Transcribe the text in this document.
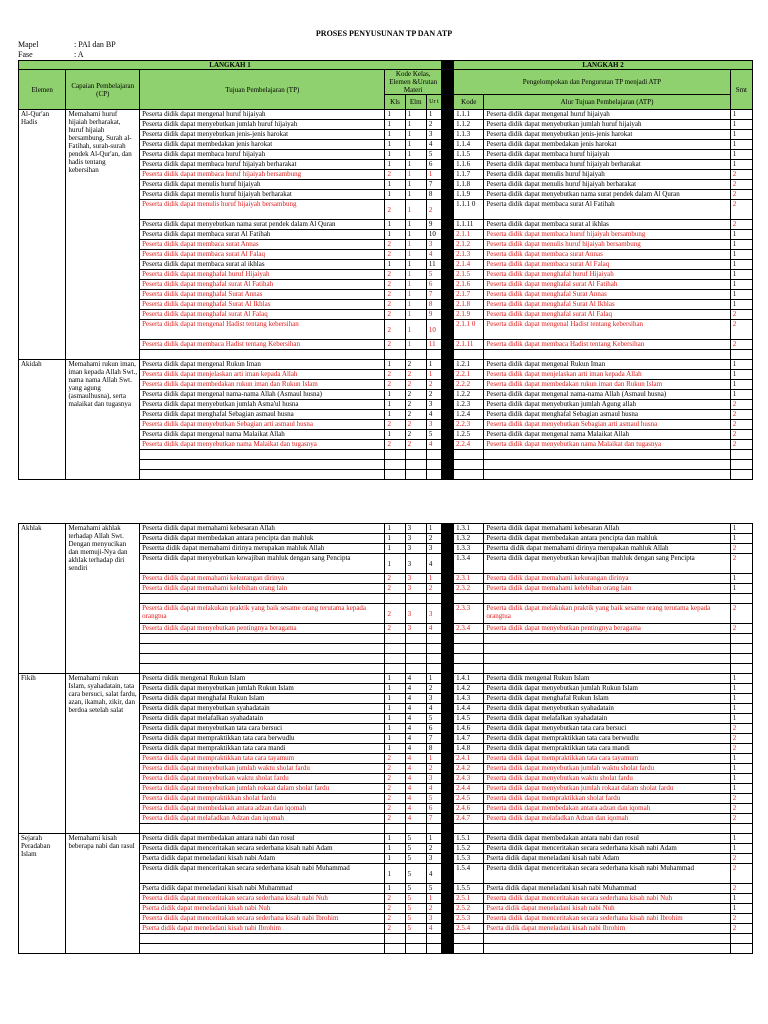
PROSES PENYUSUNAN TP DAN ATP
Mapel	: PAI dan BP
Fase	: A
LANGKAH 1							LANGKAH 2		
Elemen	Capaian Pembelajaran (CP)	Tujuan Pembelajaran (TP)	Kode Kelas, Elemen &Urutan Materi				Pengelompokan dan Pengurutan TP menjadi ATP		Smt
			Kls	Elm	Ur t		Kode	Alur Tujuan Pembelajaran (ATP)	
Al-Qur'an Hadis	Memahami huruf hijaiah berharakat, huruf hijaiah bersambung, Surah al-Fatihah, surah-surah pendek Al-Qur'an, dan hadis tentang kebersihan	Peserta didik dapat mengenal huruf hijaiyah	1	1	1		1.1.1	Peserta didik dapat mengenal huruf hijaiyah	1
		Peserta didik dapat menyebutkan jumlah huruf hijaiyah	1	1	2		1.1.2	Peserta didik dapat menyebutkan jumlah huruf hijaiyah	1
		Peserta didik dapat menyebutkan jenis-jenis harokat	1	1	3		1.1.3	Peserta didik dapat menyebutkan jenis-jenis harokat	1
		Peserta didik dapat membedakan jenis harokat	1	1	4		1.1.4	Peserta didik dapat membedakan jenis harokat	1
		Peserta didik dapat membaca huruf hijaiyah	1	1	5		1.1.5	Peserta didik dapat membaca huruf hijaiyah	1
		Peserta didik dapat membaca huruf hijaiyah berharakat	1	1	6		1.1.6	Peserta didik dapat membaca huruf hijaiyah berharakat	1
		Peserta didik dapat membaca huruf hijaiyah bersambung	2	1	1		1.1.7	Peserta didik dapat menulis huruf hijaiyah	2
		Peserta didik dapat menulis huruf hijaiyah	1	1	7		1.1.8	Peserta didik dapat menulis huruf hijaiyah berharakat	2
		Peserta didik dapat menulis huruf hijaiyah berharakat	1	1	8		1.1.9	Peserta didik dapat menyebutkan nama surat pendek dalam Al Quran	2
		Peserta didik dapat menulis huruf hijaiyah bersambung	2	1	2		1.1.1 0	Peserta didik dapat membaca surat Al Fatihah	2
		Peserta didik dapat menyebutkan nama surat pendek dalam Al Quran	1	1	9		1.1.11	Peserta didik dapat membaca surat al ikhlas	2
		Peserta didik dapat membaca surat Al Fatihah	1	1	10		2.1.1	Peserta didik dapat membaca huruf hijaiyah bersambung	1
		Peserta didik dapat membaca surat Annas	2	1	3		2.1.2	Peserta didik dapat menulis huruf hijaiyah bersambung	1
		Peserta didik dapat membaca surat Al Falaq	2	1	4		2.1.3	Peserta didik dapat membaca surat Annas	1
		Peserta didik dapat membaca surat al ikhlas	1	1	11		2.1.4	Peserta didik dapat membaca surat Al Falaq	1
		Peserta didik dapat menghafal huruf Hijaiyah	2	1	5		2.1.5	Peserta didik dapat menghafal huruf Hijaiyah	1
		Peserta didik dapat menghafal surat Al Fatihah	2	1	6		2.1.6	Peserta didik dapat menghafal surat Al Fatihah	1
		Peserta didik dapat menghafal Surat Annas	2	1	7		2.1.7	Peserta didik dapat menghafal Surat Annas	1
		Peserta didik dapat menghafal Surat Al Ikhlas	2	1	8		2.1.8	Peserta didik dapat menghafal Surat Al Ikhlas	1
		Peserta didik dapat menghafal surat Al Falaq	2	1	9		2.1.9	Peserta didik dapat menghafal surat Al Falaq	2
		Peserta didik dapat mengenal Hadist tentang kebersihan	2	1	10		2.1.1 0	Peserta didik dapat mengenal Hadist tentang kebersihan	2
		Peserta didik dapat membaca Hadist tentang Kebersihan	2	1	11		2.1.11	Peserta didik dapat membaca Hadist tentang Kebersihan	2

Akidah	Memahami rukun iman, iman kepada Allah Swt., nama nama Allah Swt. yang agung (asmaulhusna), serta malaikat dan tugasnya	Peserta didik dapat mengenal Rukun Iman	1	2	1		1.2.1	Peserta didik dapat mengenal Rukun Iman	1
		Peserta didik dapat menjelaskan arti iman kepada Allah	2	2	1		2.2.1	Peserta didik dapat menjelaskan arti iman kepada Allah	1
		Peserta didik dapat membedakan rukun iman dan Rukun Islam	2	2	2		2.2.2	Peserta didik dapat membedakan rukun iman dan Rukun Islam	1
		Peserta didik dapat mengenal nama-nama Allah (Asmaul husna)	1	2	2		1.2.2	Peserta didik dapat mengenal nama-nama Allah (Asmaul husna)	1
		Peserta didik dapat menyebutkan jumlah Asma'ul husna	1	2	3		1.2.3	Peserta didik dapat menyebutkan jumlah Agung allah	2
		Peserta didik dapat menghafal Sebagian asmaul husna	1	2	4		1.2.4	Peserta didik dapat menghafal Sebagian asmaul husna	2
		Peserta didik dapat menyebutkan Sebagian arti asmaul husna	2	2	3		2.2.3	Peserta didik dapat menyebutkan Sebagian arti asmaul husna	2
		Peserta didik dapat mengenal nama Malaikat Allah	1	2	5		1.2.5	Peserta didik dapat mengenal nama Malaikat Allah	2
		Peserta didik dapat menyebutkan nama Malaikat dan tugasnya	2	2	4		2.2.4	Peserta didik dapat menyebutkan nama Malaikat dan tugasnya	2

Akhlak	Memahami akhlak terhadap Allah Swt. Dengan menyucikan dan memuji-Nya dan akhlak terhadap diri sendiri	Peserta didik dapat memahami kebesaran Allah	1	3	1		1.3.1	Peserta didik dapat memahami kebesaran Allah	1
		Peserta didik dapat membedakan antara pencipta dan mahluk	1	3	2		1.3.2	Peserta didik dapat membedakan antara pencipta dan mahluk	1
		Pesertta didik dapat memahami dirinya merupakan mahluk Allah	1	3	3		1.3.3	Pesertta didik dapat memahami dirinya merupakan mahluk Allah	2
		Peserta didik dapat menyebutkan kewajiban mahluk dengan sang Pencipta	1	3	4		1.3.4	Peserta didik dapat menyebutkan kewajiban mahluk dengan sang Pencipta	2
		Peserta didik dapat memahami kekurangan dirinya	2	3	1		2.3.1	Peserta didik dapat memahami kekurangan dirinya	1
		Peserta didik dapat memahami kelebihan orang lain	2	3	2		2.3.2	Peserta didik dapat memahami kelebihan orang lain	1

		Peserta didik dapat melakukan praktik yang baik sesame orang terutama kepada orangtua	2	3	3		2.3.3	Peserta didik dapat melakukan praktik yang baik sesame orang terutama kepada orangtua	2
		Peserta didik dapat menyebutkan pentingnya beragama	2	3	4		2.3.4	Peserta didik dapat menyebutkan pentingnya beragama	2

Fikih	Memahami rukun Islam, syahadatain, tata cara bersuci, salat fardu, azan, ikamah, zikir, dan berdoa setelah salat	Peserta didik mengenal Rukun Islam	1	4	1		1.4.1	Peserta didik mengenal Rukun Islam	1
		Peserta didik dapat menyebutkan jumlah Rukun Islam	1	4	2		1.4.2	Peserta didik dapat menyebutkan jumlah Rukun Islam	1
		Peserta didik dapat menghafal Rukun Islam	1	4	3		1.4.3	Peserta didik dapat menghafal Rukun Islam	1
		Peserta didik dapat menyebutkan syahadatain	1	4	4		1.4.4	Peserta didik dapat menyebutkan syahadatain	1
		Peserta didik dapat melafalkan syahadatain	1	4	5		1.4.5	Peserta didik dapat melafalkan syahadatain	1
		Peserta didik dapat menyebutkan tata cara bersuci	1	4	6		1.4.6	Peserta didik dapat menyebutkan tata cara bersuci	2
		Peserta didik dapat mempraktikkan tata cara berwudlu	1	4	7		1.4.7	Peserta didik dapat mempraktikkan tata cara berwudlu	2
		Peserta didik dapat mempraktikkan tata cara mandi	1	4	8		1.4.8	Peserta didik dapat mempraktikkan tata cara mandi	2
		Peserta didik dapat mempraktikkan tata cara tayamum	2	4	1		2.4.1	Peserta didik dapat mempraktikkan tata cara tayamum	1
		Peserta didik dapat menyebutkan jumlah waktu sholat fardu	2	4	2		2.4.2	Peserta didik dapat menyebutkan jumlah waktu sholat fardu	1
		Peserta didik dapat menyebutkan waktu sholat fardu	2	4	3		2.4.3	Peserta didik dapat menyebutkan waktu sholat fardu	1
		Peserta didik dapat menyebutkan jumlah rokaat dalam sholat fardu	2	4	4		2.4.4	Peserta didik dapat menyebutkan jumlah rokaat dalam sholat fardu	1
		Peserta didik dapat mempraktikkan sholat fardu	2	4	5		2.4.5	Peserta didik dapat mempraktikkan sholat fardu	2
		Peserta didik dapat membedakan antara adzan dan iqomah	2	4	6		2.4.6	Peserta didik dapat membedakan antara adzan dan iqomah	2
		Peserta didik dapat melafadkan Adzan dan iqomah	2	4	7		2.4.7	Peserta didik dapat melafadkan Adzan dan iqomah	2

Sejarah Peradaban Islam	Memahami kisah beberapa nabi dan rasul	Peserta didik dapat membedakan antara nabi dan rosul	1	5	1		1.5.1	Peserta didik dapat membedakan antara nabi dan rosul	1
		Peserta didik dapat menceritakan secara sederhana kisah nabi Adam	1	5	2		1.5.2	Peserta didik dapat menceritakan secara sederhana kisah nabi Adam	1
		Pserta didik dapat meneladani kisah nabi Adam	1	5	3		1.5.3	Pserta didik dapat meneladani kisah nabi Adam	2
		Peserta didik dapat menceritakan secara sederhana kisah nabi Muhammad	1	5	4		1.5.4	Peserta didik dapat menceritakan secara sederhana kisah nabi Muhammad	2
		Pserta didik dapat meneladani kisah nabi Muhammad	1	5	5		1.5.5	Pserta didik dapat meneladani kisah nabi Muhammad	2
		Peserta didik dapat menceritakan secara sederhana kisah nabi Nuh	2	5	1		2.5.1	Peserta didik dapat menceritakan secara sederhana kisah nabi Nuh	1
		Pserta didik dapat meneladani kisah nabi Nuh	2	5	2		2.5.2	Pserta didik dapat meneladani kisah nabi Nuh	1
		Peserta didik dapat menceritakan secara sederhana kisah nabi Ibrohim	2	5	3		2.5.3	Peserta didik dapat menceritakan secara sederhana kisah nabi Ibrohim	2
		Pserta didik dapat meneladani kisah nabi Ibrohim	2	5	4		2.5.4	Pserta didik dapat meneladani kisah nabi Ibrohim	2
